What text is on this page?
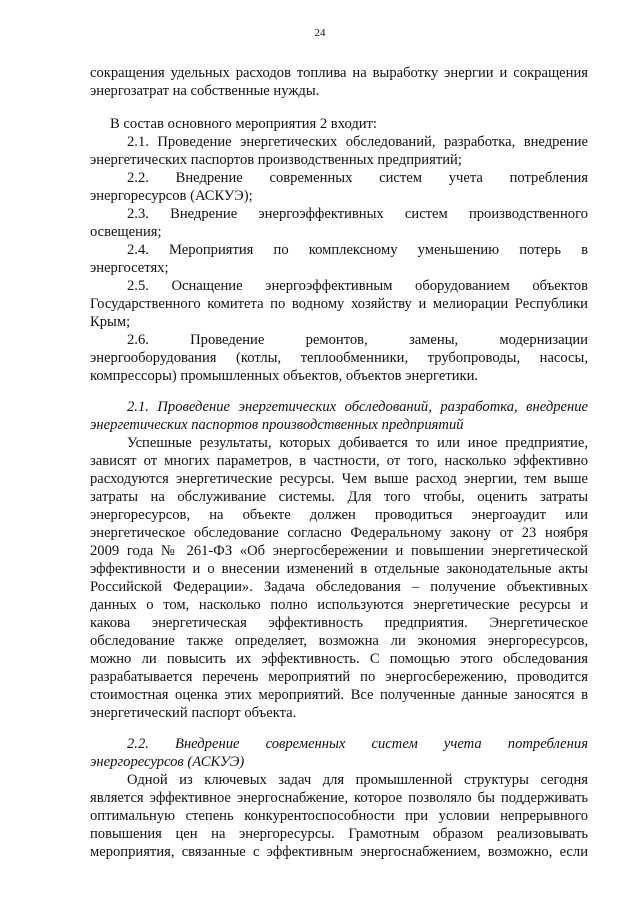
24
сокращения удельных расходов топлива на выработку энергии и сокращения
энергозатрат на собственные нужды.
В состав основного мероприятия 2 входит:
2.1. Проведение энергетических обследований, разработка, внедрение
энергетических паспортов производственных предприятий;
2.2. Внедрение современных систем учета потребления
энергоресурсов (АСКУЭ);
2.3. Внедрение энергоэффективных систем производственного
освещения;
2.4. Мероприятия по комплексному уменьшению потерь в
энергосетях;
2.5. Оснащение энергоэффективным оборудованием объектов
Государственного комитета по водному хозяйству и мелиорации Республики
Крым;
2.6. Проведение ремонтов, замены, модернизации
энергооборудования (котлы, теплообменники, трубопроводы, насосы,
компрессоры) промышленных объектов, объектов энергетики.
2.1. Проведение энергетических обследований, разработка, внедрение
энергетических паспортов производственных предприятий
Успешные результаты, которых добивается то или иное предприятие,
зависят от многих параметров, в частности, от того, насколько эффективно
расходуются энергетические ресурсы. Чем выше расход энергии, тем выше
затраты на обслуживание системы. Для того чтобы, оценить затраты
энергоресурсов, на объекте должен проводиться энергоаудит или
энергетическое обследование согласно Федеральному закону от 23 ноября
2009 года № 261-ФЗ «Об энергосбережении и повышении энергетической
эффективности и о внесении изменений в отдельные законодательные акты
Российской Федерации». Задача обследования – получение объективных
данных о том, насколько полно используются энергетические ресурсы и
какова энергетическая эффективность предприятия. Энергетическое
обследование также определяет, возможна ли экономия энергоресурсов,
можно ли повысить их эффективность. С помощью этого обследования
разрабатывается перечень мероприятий по энергосбережению, проводится
стоимостная оценка этих мероприятий. Все полученные данные заносятся в
энергетический паспорт объекта.
2.2. Внедрение современных систем учета потребления
энергоресурсов (АСКУЭ)
Одной из ключевых задач для промышленной структуры сегодня
является эффективное энергоснабжение, которое позволяло бы поддерживать
оптимальную степень конкурентоспособности при условии непрерывного
повышения цен на энергоресурсы. Грамотным образом реализовывать
мероприятия, связанные с эффективным энергоснабжением, возможно, если
